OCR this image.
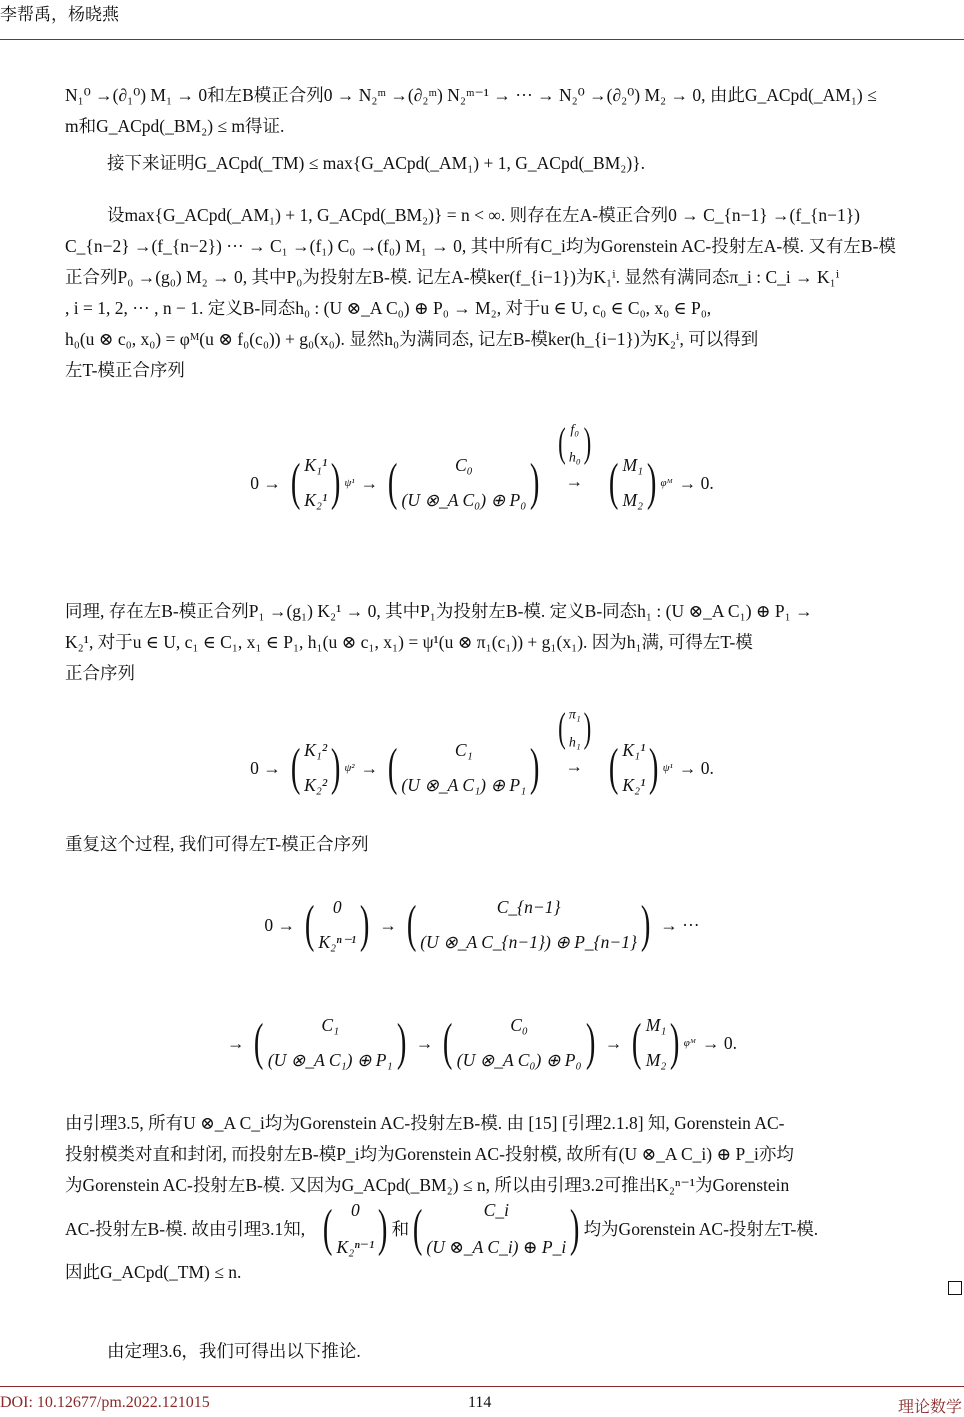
李帮禹，杨晓燕
N₁⁰ →(∂₁⁰) M₁ → 0和左B模正合列0 → N₂ᵐ →(∂₂ᵐ) N₂ᵐ⁻¹ → ··· → N₂⁰ →(∂₂⁰) M₂ → 0, 由此G_ACpd(_AM₁) ≤
m和G_ACpd(_BM₂) ≤ m得证.
接下来证明G_ACpd(_TM) ≤ max{G_ACpd(_AM₁) + 1, G_ACpd(_BM₂)}.
设max{G_ACpd(_AM₁) + 1, G_ACpd(_BM₂)} = n < ∞. 则存在左A-模正合列0 → C_{n−1} →(f_{n−1})
C_{n−2} →(f_{n−2}) ··· → C₁ →(f₁) C₀ →(f₀) M₁ → 0, 其中所有C_i均为Gorenstein AC-投射左A-模. 又有左B-模
正合列P₀ →(g₀) M₂ → 0, 其中P₀为投射左B-模. 记左A-模ker(f_{i−1})为K₁ⁱ. 显然有满同态π_i : C_i → K₁ⁱ
, i = 1, 2, ··· , n − 1. 定义B-同态h₀ : (U ⊗_A C₀) ⊕ P₀ → M₂, 对于u ∈ U, c₀ ∈ C₀, x₀ ∈ P₀,
h₀(u ⊗ c₀, x₀) = φᴹ(u ⊗ f₀(c₀)) + g₀(x₀). 显然h₀为满同态, 记左B-模ker(h_{i−1})为K₂ⁱ, 可以得到
左T-模正合序列
0 → ( K₁¹
K₂¹ ) ψ¹ → (	C₀
(U ⊗_A C₀) ⊕ P₀ )
( f₀
h₀ )
→ ( M₁
M₂ ) φᴹ → 0.
同理, 存在左B-模正合列P₁ →(g₁) K₂¹ → 0, 其中P₁为投射左B-模. 定义B-同态h₁ : (U ⊗_A C₁) ⊕ P₁ →
K₂¹, 对于u ∈ U, c₁ ∈ C₁, x₁ ∈ P₁, h₁(u ⊗ c₁, x₁) = ψ¹(u ⊗ π₁(c₁)) + g₁(x₁). 因为h₁满, 可得左T-模
正合序列
0 → ( K₁²
K₂² ) ψ² → (	C₁
(U ⊗_A C₁) ⊕ P₁ )
( π₁
h₁ )
→ ( K₁¹
K₂¹ ) ψ¹ → 0.
重复这个过程, 我们可得左T-模正合序列
0 → ( 0
K₂ⁿ⁻¹ ) → (	C_{n−1}
(U ⊗_A C_{n−1}) ⊕ P_{n−1} ) → ···
→ (	C₁
(U ⊗_A C₁) ⊕ P₁ ) → (	C₀
(U ⊗_A C₀) ⊕ P₀ ) → ( M₁
M₂ ) φᴹ → 0.
由引理3.5, 所有U ⊗_A C_i均为Gorenstein AC-投射左B-模. 由 [15] [引理2.1.8] 知, Gorenstein AC-
投射模类对直和封闭, 而投射左B-模P_i均为Gorenstein AC-投射模, 故所有(U ⊗_A C_i) ⊕ P_i亦均
为Gorenstein AC-投射左B-模. 又因为G_ACpd(_BM₂) ≤ n, 所以由引理3.2可推出K₂ⁿ⁻¹为Gorenstein
AC-投射左B-模. 故由引理3.1知, ( 0
K₂ⁿ⁻¹ ) 和 (	C_i
(U ⊗_A C_i) ⊕ P_i ) 均为Gorenstein AC-投射左T-模.
因此G_ACpd(_TM) ≤ n.
由定理3.6，我们可得出以下推论.
DOI: 10.12677/pm.2022.121015	114	理论数学
